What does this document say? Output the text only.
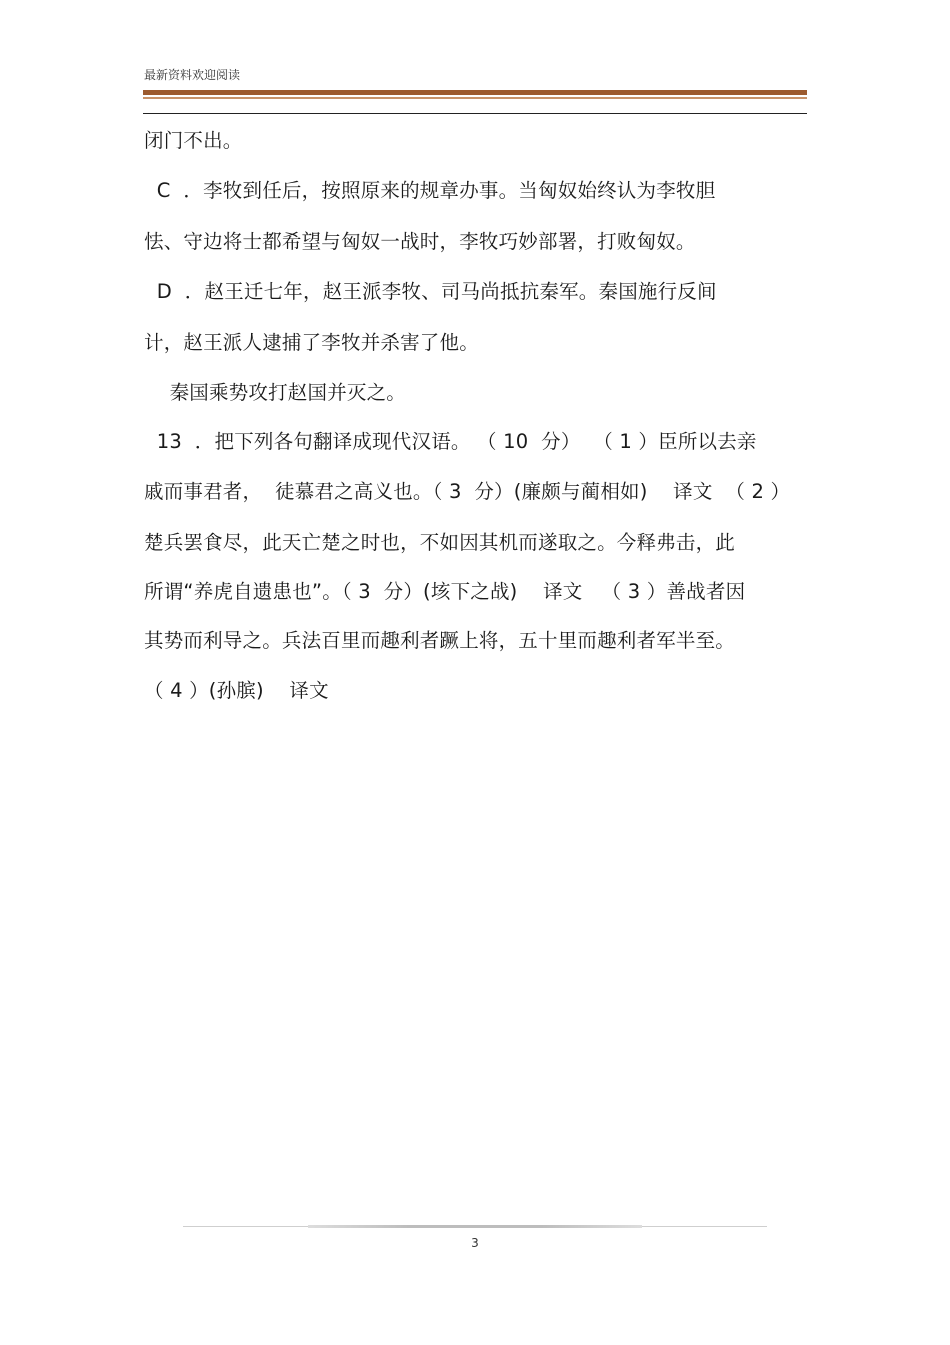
最新资料欢迎阅读
闭门不出。
C  ．李牧到任后，按照原来的规章办事。当匈奴始终认为李牧胆
怯、守边将士都希望与匈奴一战时，李牧巧妙部署，打败匈奴。
D  ．赵王迁七年，赵王派李牧、司马尚抵抗秦军。秦国施行反间
计，赵王派人逮捕了李牧并杀害了他。
秦国乘势攻打赵国并灭之。
13  ．把下列各句翻译成现代汉语。 （ 10  分）  （ 1 ）臣所以去亲
戚而事君者，  徒慕君之高义也。（ 3  分）(廉颇与蔺相如)    译文  （ 2 ）
楚兵罢食尽，此天亡楚之时也，不如因其机而遂取之。今释弗击，此
所谓“养虎自遗患也”。（ 3  分）(垓下之战)    译文   （ 3 ）善战者因
其势而利导之。兵法百里而趣利者蹶上将，五十里而趣利者军半至。
（ 4 ）(孙膑)    译文
3
